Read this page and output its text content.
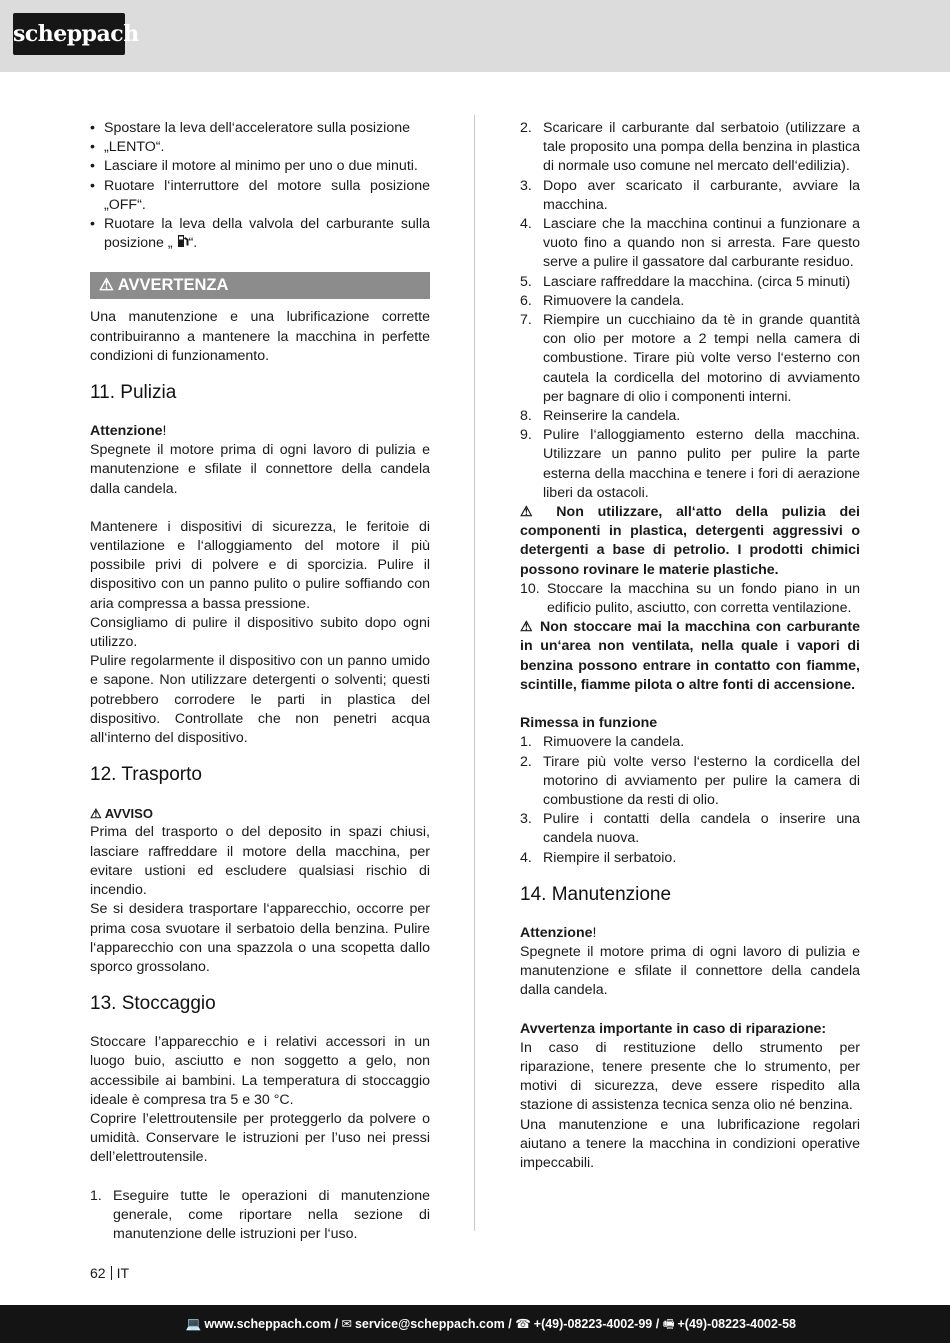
scheppach
• Spostare la leva dell‘acceleratore sulla posizione
• „LENTO“.
• Lasciare il motore al minimo per uno o due minuti.
• Ruotare l‘interruttore del motore sulla posizione „OFF“.
• Ruotare la leva della valvola del carburante sulla posizione „ “.
⚠ AVVERTENZA

Una manutenzione e una lubrificazione corrette contribuiranno a mantenere la macchina in perfette condizioni di funzionamento.

11. Pulizia

Attenzione!

Spegnete il motore prima di ogni lavoro di pulizia e manutenzione e sfilate il connettore della candela dalla candela.

Mantenere i dispositivi di sicurezza, le feritoie di ventilazione e l‘alloggiamento del motore il più possibile privi di polvere e di sporcizia. Pulire il dispositivo con un panno pulito o pulire soffiando con aria compressa a bassa pressione.

Consigliamo di pulire il dispositivo subito dopo ogni utilizzo.

Pulire regolarmente il dispositivo con un panno umido e sapone. Non utilizzare detergenti o solventi; questi potrebbero corrodere le parti in plastica del dispositivo. Controllate che non penetri acqua all‘interno del dispositivo.

12. Trasporto

⚠ AVVISO

Prima del trasporto o del deposito in spazi chiusi, lasciare raffreddare il motore della macchina, per evitare ustioni ed escludere qualsiasi rischio di incendio.

Se si desidera trasportare l‘apparecchio, occorre per prima cosa svuotare il serbatoio della benzina. Pulire l‘apparecchio con una spazzola o una scopetta dallo sporco grossolano.

13. Stoccaggio

Stoccare l’apparecchio e i relativi accessori in un luogo buio, asciutto e non soggetto a gelo, non accessibile ai bambini. La temperatura di stoccaggio ideale è compresa tra 5 e 30 °C.

Coprire l’elettroutensile per proteggerlo da polvere o umidità. Conservare le istruzioni per l’uso nei pressi dell’elettroutensile.

1. Eseguire tutte le operazioni di manutenzione generale, come riportare nella sezione di manutenzione delle istruzioni per l‘uso.
2. Scaricare il carburante dal serbatoio (utilizzare a tale proposito una pompa della benzina in plastica di normale uso comune nel mercato dell‘edilizia).
3. Dopo aver scaricato il carburante, avviare la macchina.
4. Lasciare che la macchina continui a funzionare a vuoto fino a quando non si arresta. Fare questo serve a pulire il gassatore dal carburante residuo.
5. Lasciare raffreddare la macchina. (circa 5 minuti)
6. Rimuovere la candela.
7. Riempire un cucchiaino da tè in grande quantità con olio per motore a 2 tempi nella camera di combustione. Tirare più volte verso l‘esterno con cautela la cordicella del motorino di avviamento per bagnare di olio i componenti interni.
8. Reinserire la candela.
9. Pulire l‘alloggiamento esterno della macchina. Utilizzare un panno pulito per pulire la parte esterna della macchina e tenere i fori di aerazione liberi da ostacoli.

⚠ Non utilizzare, all‘atto della pulizia dei componenti in plastica, detergenti aggressivi o detergenti a base di petrolio. I prodotti chimici possono rovinare le materie plastiche.

10. Stoccare la macchina su un fondo piano in un edificio pulito, asciutto, con corretta ventilazione.

⚠ Non stoccare mai la macchina con carburante in un‘area non ventilata, nella quale i vapori di benzina possono entrare in contatto con fiamme, scintille, fiamme pilota o altre fonti di accensione.

Rimessa in funzione

1. Rimuovere la candela.
2. Tirare più volte verso l‘esterno la cordicella del motorino di avviamento per pulire la camera di combustione da resti di olio.
3. Pulire i contatti della candela o inserire una candela nuova.
4. Riempire il serbatoio.
14. Manutenzione

Attenzione!

Spegnete il motore prima di ogni lavoro di pulizia e manutenzione e sfilate il connettore della candela dalla candela.

Avvertenza importante in caso di riparazione:

In caso di restituzione dello strumento per riparazione, tenere presente che lo strumento, per motivi di sicurezza, deve essere rispedito alla stazione di assistenza tecnica senza olio né benzina.

Una manutenzione e una lubrificazione regolari aiutano a tenere la macchina in condizioni operative impeccabili.

62 IT
💻 www.scheppach.com / ✉ service@scheppach.com / ☎ +(49)-08223-4002-99 / 🖷 +(49)-08223-4002-58
